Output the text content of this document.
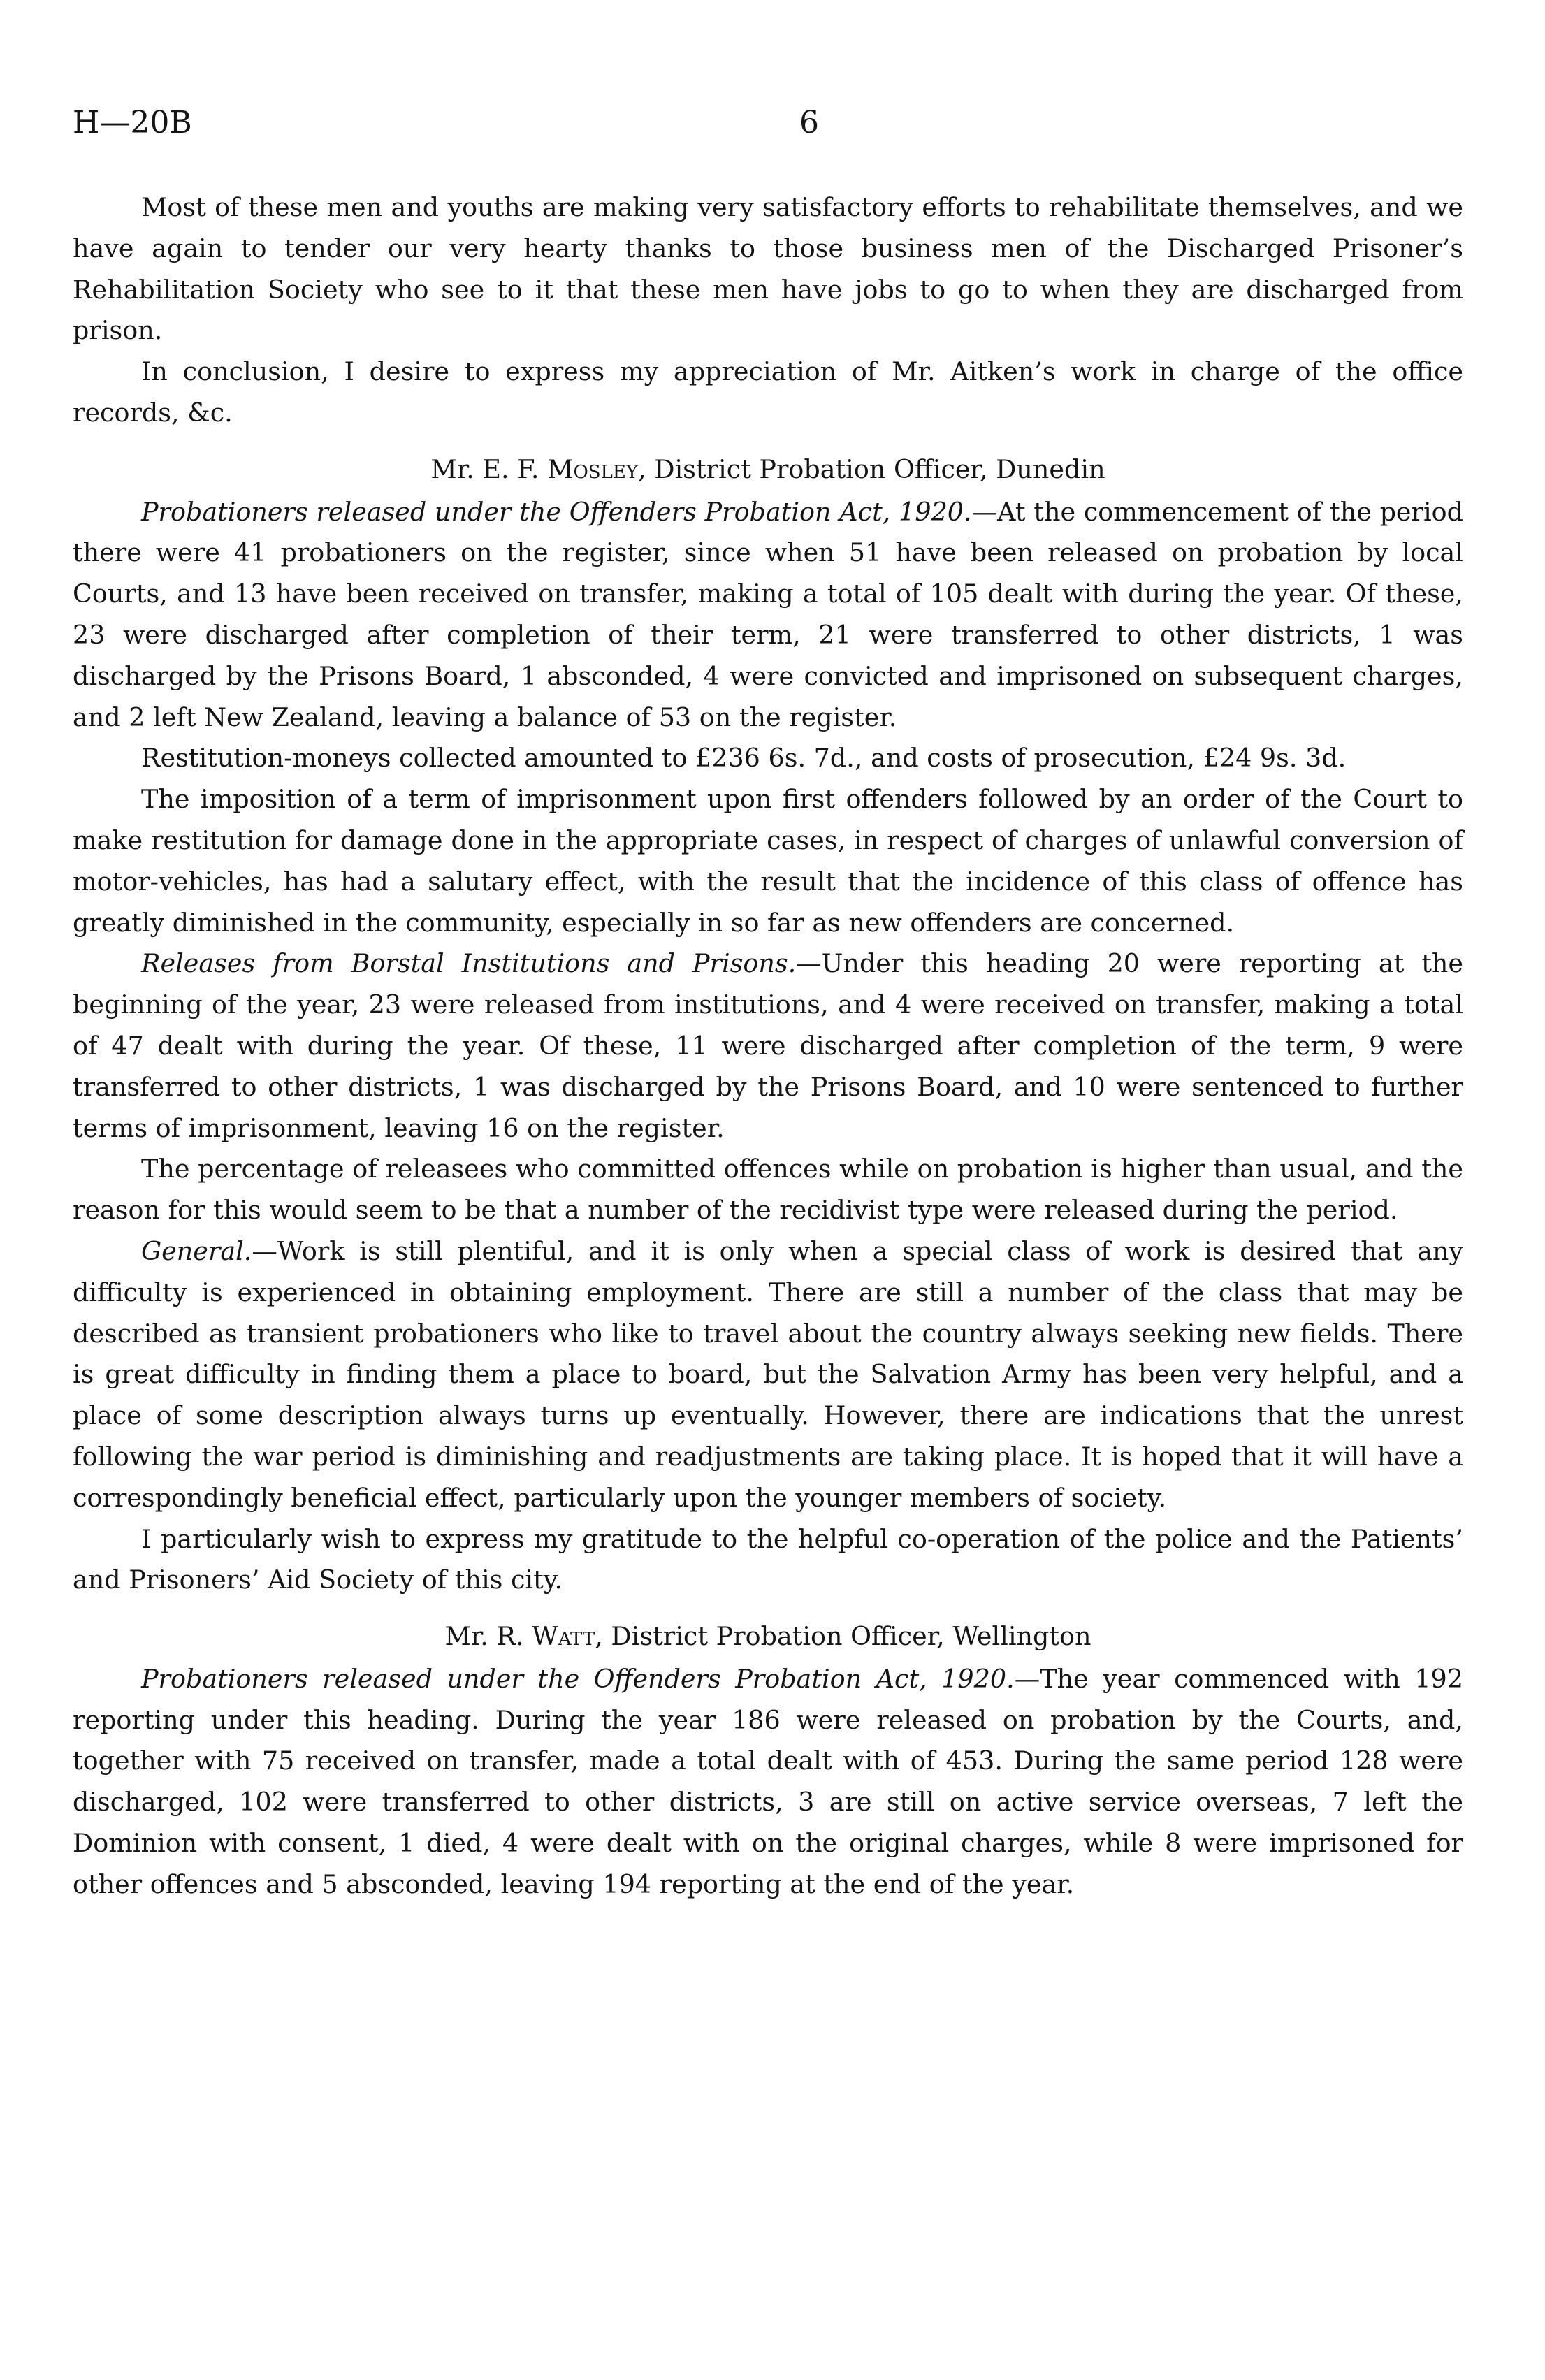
H—20B	6

Most of these men and youths are making very satisfactory efforts to rehabilitate themselves, and we have again to tender our very hearty thanks to those business men of the Discharged Prisoner’s Rehabilitation Society who see to it that these men have jobs to go to when they are discharged from prison.

In conclusion, I desire to express my appreciation of Mr. Aitken’s work in charge of the office records, &c.

Mr. E. F. Mosley, District Probation Officer, Dunedin

Probationers released under the Offenders Probation Act, 1920.—At the commencement of the period there were 41 probationers on the register, since when 51 have been released on probation by local Courts, and 13 have been received on transfer, making a total of 105 dealt with during the year. Of these, 23 were discharged after completion of their term, 21 were transferred to other districts, 1 was discharged by the Prisons Board, 1 absconded, 4 were convicted and imprisoned on subsequent charges, and 2 left New Zealand, leaving a balance of 53 on the register.

Restitution-moneys collected amounted to £236 6s. 7d., and costs of prosecution, £24 9s. 3d.

The imposition of a term of imprisonment upon first offenders followed by an order of the Court to make restitution for damage done in the appropriate cases, in respect of charges of unlawful conversion of motor-vehicles, has had a salutary effect, with the result that the incidence of this class of offence has greatly diminished in the community, especially in so far as new offenders are concerned.

Releases from Borstal Institutions and Prisons.—Under this heading 20 were reporting at the beginning of the year, 23 were released from institutions, and 4 were received on transfer, making a total of 47 dealt with during the year. Of these, 11 were discharged after completion of the term, 9 were transferred to other districts, 1 was discharged by the Prisons Board, and 10 were sentenced to further terms of imprisonment, leaving 16 on the register.

The percentage of releasees who committed offences while on probation is higher than usual, and the reason for this would seem to be that a number of the recidivist type were released during the period.

General.—Work is still plentiful, and it is only when a special class of work is desired that any difficulty is experienced in obtaining employment. There are still a number of the class that may be described as transient probationers who like to travel about the country always seeking new fields. There is great difficulty in finding them a place to board, but the Salvation Army has been very helpful, and a place of some description always turns up eventually. However, there are indications that the unrest following the war period is diminishing and readjustments are taking place. It is hoped that it will have a correspondingly beneficial effect, particularly upon the younger members of society.

I particularly wish to express my gratitude to the helpful co-operation of the police and the Patients’ and Prisoners’ Aid Society of this city.

Mr. R. Watt, District Probation Officer, Wellington

Probationers released under the Offenders Probation Act, 1920.—The year commenced with 192 reporting under this heading. During the year 186 were released on probation by the Courts, and, together with 75 received on transfer, made a total dealt with of 453. During the same period 128 were discharged, 102 were transferred to other districts, 3 are still on active service overseas, 7 left the Dominion with consent, 1 died, 4 were dealt with on the original charges, while 8 were imprisoned for other offences and 5 absconded, leaving 194 reporting at the end of the year.
